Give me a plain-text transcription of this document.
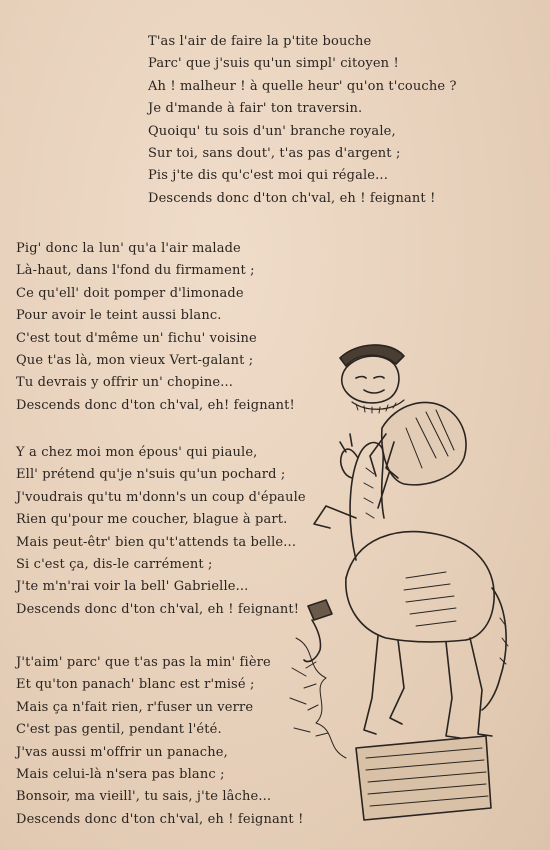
T'as l'air de faire la p'tite bouche
Parc' que j'suis qu'un simpl' citoyen !
Ah ! malheur ! à quelle heur' qu'on t'couche ?
Je d'mande à fair' ton traversin.
Quoiqu' tu sois d'un' branche royale,
Sur toi, sans dout', t'as pas d'argent ;
Pis j'te dis qu'c'est moi qui régale...
Descends donc d'ton ch'val, eh ! feignant !
Pig' donc la lun' qu'a l'air malade
Là-haut, dans l'fond du firmament ;
Ce qu'ell' doit pomper d'limonade
Pour avoir le teint aussi blanc.
C'est tout d'même un' fichu' voisine
Que t'as là, mon vieux Vert-galant ;
Tu devrais y offrir un' chopine...
Descends donc d'ton ch'val, eh! feignant!
Y a chez moi mon épous' qui piaule,
Ell' prétend qu'je n'suis qu'un pochard ;
J'voudrais qu'tu m'donn's un coup d'épaule
Rien qu'pour me coucher, blague à part.
Mais peut-êtr' bien qu't'attends ta belle...
Si c'est ça, dis-le carrément ;
J'te m'n'rai voir la bell' Gabrielle...
Descends donc d'ton ch'val, eh ! feignant!
J't'aim' parc' que t'as pas la min' fière
Et qu'ton panach' blanc est r'misé ;
Mais ça n'fait rien, r'fuser un verre
C'est pas gentil, pendant l'été.
J'vas aussi m'offrir un panache,
Mais celui-là n'sera pas blanc ;
Bonsoir, ma vieill', tu sais, j'te lâche...
Descends donc d'ton ch'val, eh ! feignant !
